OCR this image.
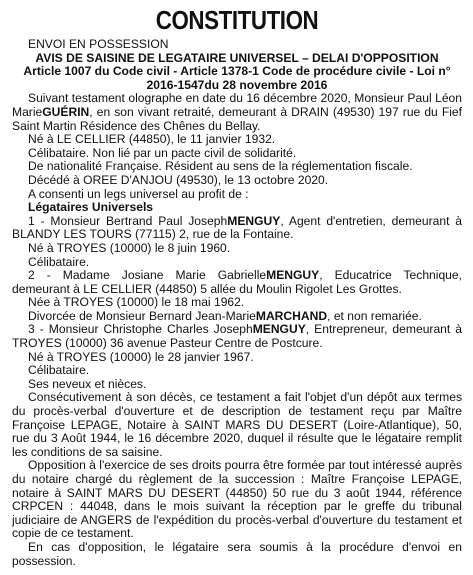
CONSTITUTION

ENVOI EN POSSESSION

AVIS DE SAISINE DE LEGATAIRE UNIVERSEL – DELAI D'OPPOSITION

Article 1007 du Code civil - Article 1378-1 Code de procédure civile - Loi n° 2016-1547du 28 novembre 2016

Suivant testament olographe en date du 16 décembre 2020, Monsieur Paul Léon MarieGUÉRIN, en son vivant retraité, demeurant à DRAIN (49530) 197 rue du Fief Saint Martin Résidence des Chênes du Bellay.

Né à LE CELLIER (44850), le 11 janvier 1932.

Célibataire. Non lié par un pacte civil de solidarité.

De nationalité Française. Résident au sens de la réglementation fiscale.

Décédé à OREE D'ANJOU (49530), le 13 octobre 2020.

A consenti un legs universel au profit de :

Légataires Universels

1 - Monsieur Bertrand Paul JosephMENGUY, Agent d'entretien, demeurant à BLANDY LES TOURS (77115) 2, rue de la Fontaine.

Né à TROYES (10000) le 8 juin 1960.

Célibataire.

2 - Madame Josiane Marie GabrielleMENGUY, Educatrice Technique, demeurant à LE CELLIER (44850) 5 allée du Moulin Rigolet Les Grottes.

Née à TROYES (10000) le 18 mai 1962.

Divorcée de Monsieur Bernard Jean-MarieMARCHAND, et non remariée.

3 - Monsieur Christophe Charles JosephMENGUY, Entrepreneur, demeurant à TROYES (10000) 36 avenue Pasteur Centre de Postcure.

Né à TROYES (10000) le 28 janvier 1967.

Célibataire.

Ses neveux et nièces.

Consécutivement à son décès, ce testament a fait l'objet d'un dépôt aux termes du procès-verbal d'ouverture et de description de testament reçu par Maître Françoise LEPAGE, Notaire à SAINT MARS DU DESERT (Loire-Atlantique), 50, rue du 3 Août 1944, le 16 décembre 2020, duquel il résulte que le légataire remplit les conditions de sa saisine.

Opposition à l'exercice de ses droits pourra être formée par tout intéressé auprès du notaire chargé du règlement de la succession : Maître Françoise LEPAGE, notaire à SAINT MARS DU DESERT (44850) 50 rue du 3 août 1944, référence CRPCEN : 44048, dans le mois suivant la réception par le greffe du tribunal judiciaire de ANGERS de l'expédition du procès-verbal d'ouverture du testament et copie de ce testament.

En cas d'opposition, le légataire sera soumis à la procédure d'envoi en possession.
